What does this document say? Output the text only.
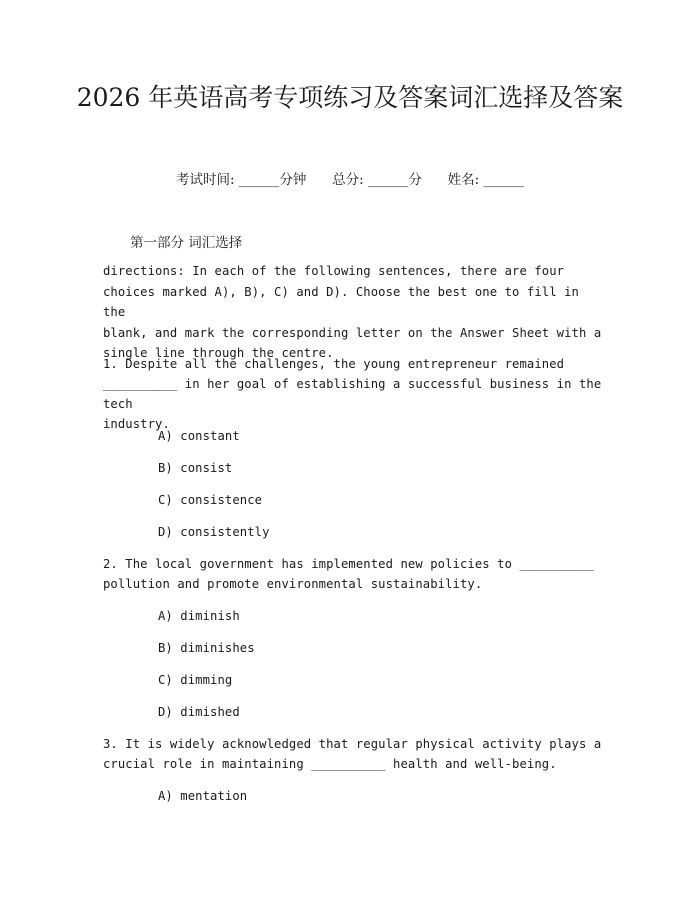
2026 年英语高考专项练习及答案词汇选择及答案
考试时间: ______分钟 总分: ______分 姓名: ______
第一部分 词汇选择

directions: In each of the following sentences, there are four
choices marked A), B), C) and D). Choose the best one to fill in the
blank, and mark the corresponding letter on the Answer Sheet with a
single line through the centre.

1. Despite all the challenges, the young entrepreneur remained
__________ in her goal of establishing a successful business in the tech
industry.

A) constant
B) consist
C) consistence
D) consistently

2. The local government has implemented new policies to __________
pollution and promote environmental sustainability.

A) diminish
B) diminishes
C) dimming
D) dimished

3. It is widely acknowledged that regular physical activity plays a
crucial role in maintaining __________ health and well-being.

A) mentation
